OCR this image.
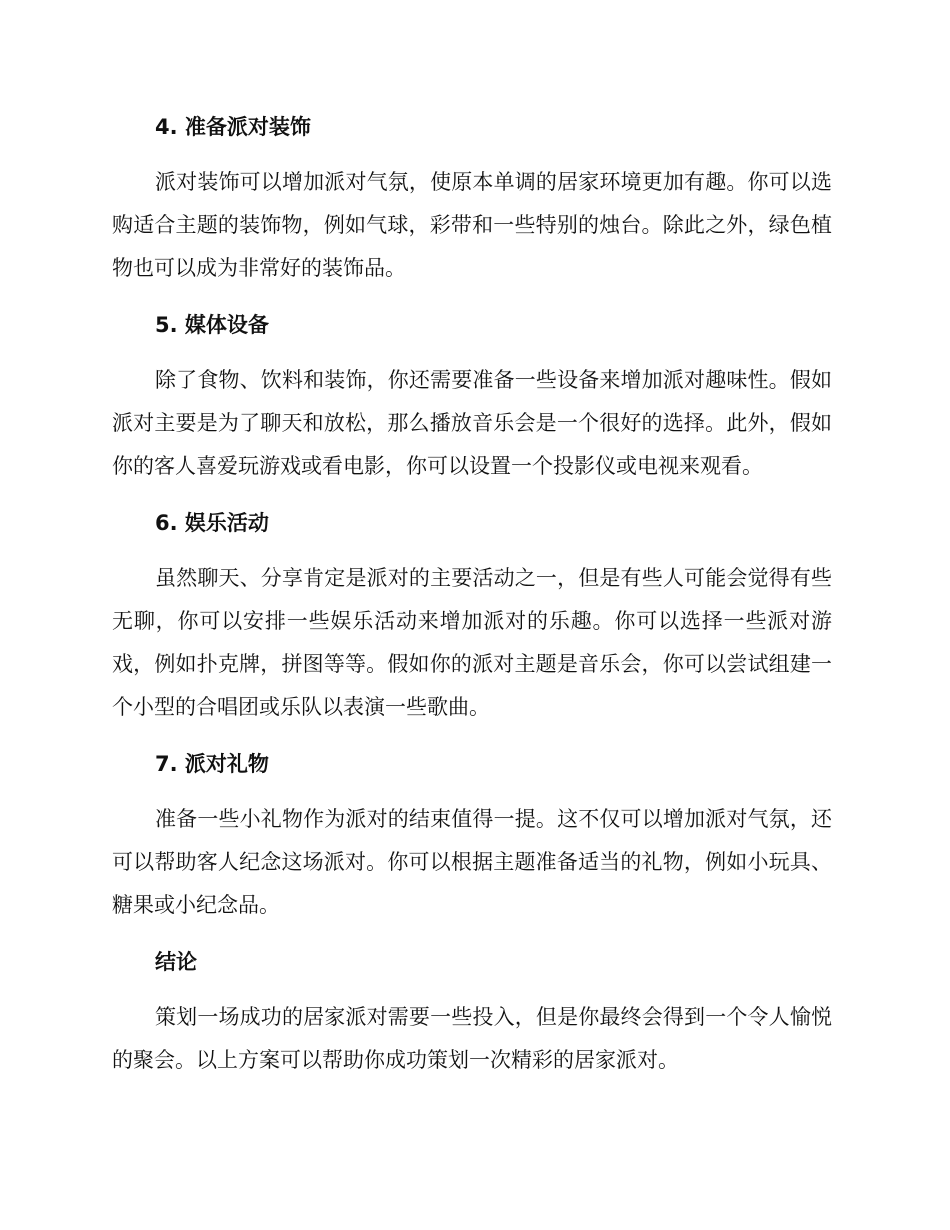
4. 准备派对装饰

派对装饰可以增加派对气氛，使原本单调的居家环境更加有趣。你可以选购适合主题的装饰物，例如气球，彩带和一些特别的烛台。除此之外，绿色植物也可以成为非常好的装饰品。

5. 媒体设备

除了食物、饮料和装饰，你还需要准备一些设备来增加派对趣味性。假如派对主要是为了聊天和放松，那么播放音乐会是一个很好的选择。此外，假如你的客人喜爱玩游戏或看电影，你可以设置一个投影仪或电视来观看。

6. 娱乐活动

虽然聊天、分享肯定是派对的主要活动之一，但是有些人可能会觉得有些无聊，你可以安排一些娱乐活动来增加派对的乐趣。你可以选择一些派对游戏，例如扑克牌，拼图等等。假如你的派对主题是音乐会，你可以尝试组建一个小型的合唱团或乐队以表演一些歌曲。

7. 派对礼物

准备一些小礼物作为派对的结束值得一提。这不仅可以增加派对气氛，还可以帮助客人纪念这场派对。你可以根据主题准备适当的礼物，例如小玩具、糖果或小纪念品。

结论

策划一场成功的居家派对需要一些投入，但是你最终会得到一个令人愉悦的聚会。以上方案可以帮助你成功策划一次精彩的居家派对。
